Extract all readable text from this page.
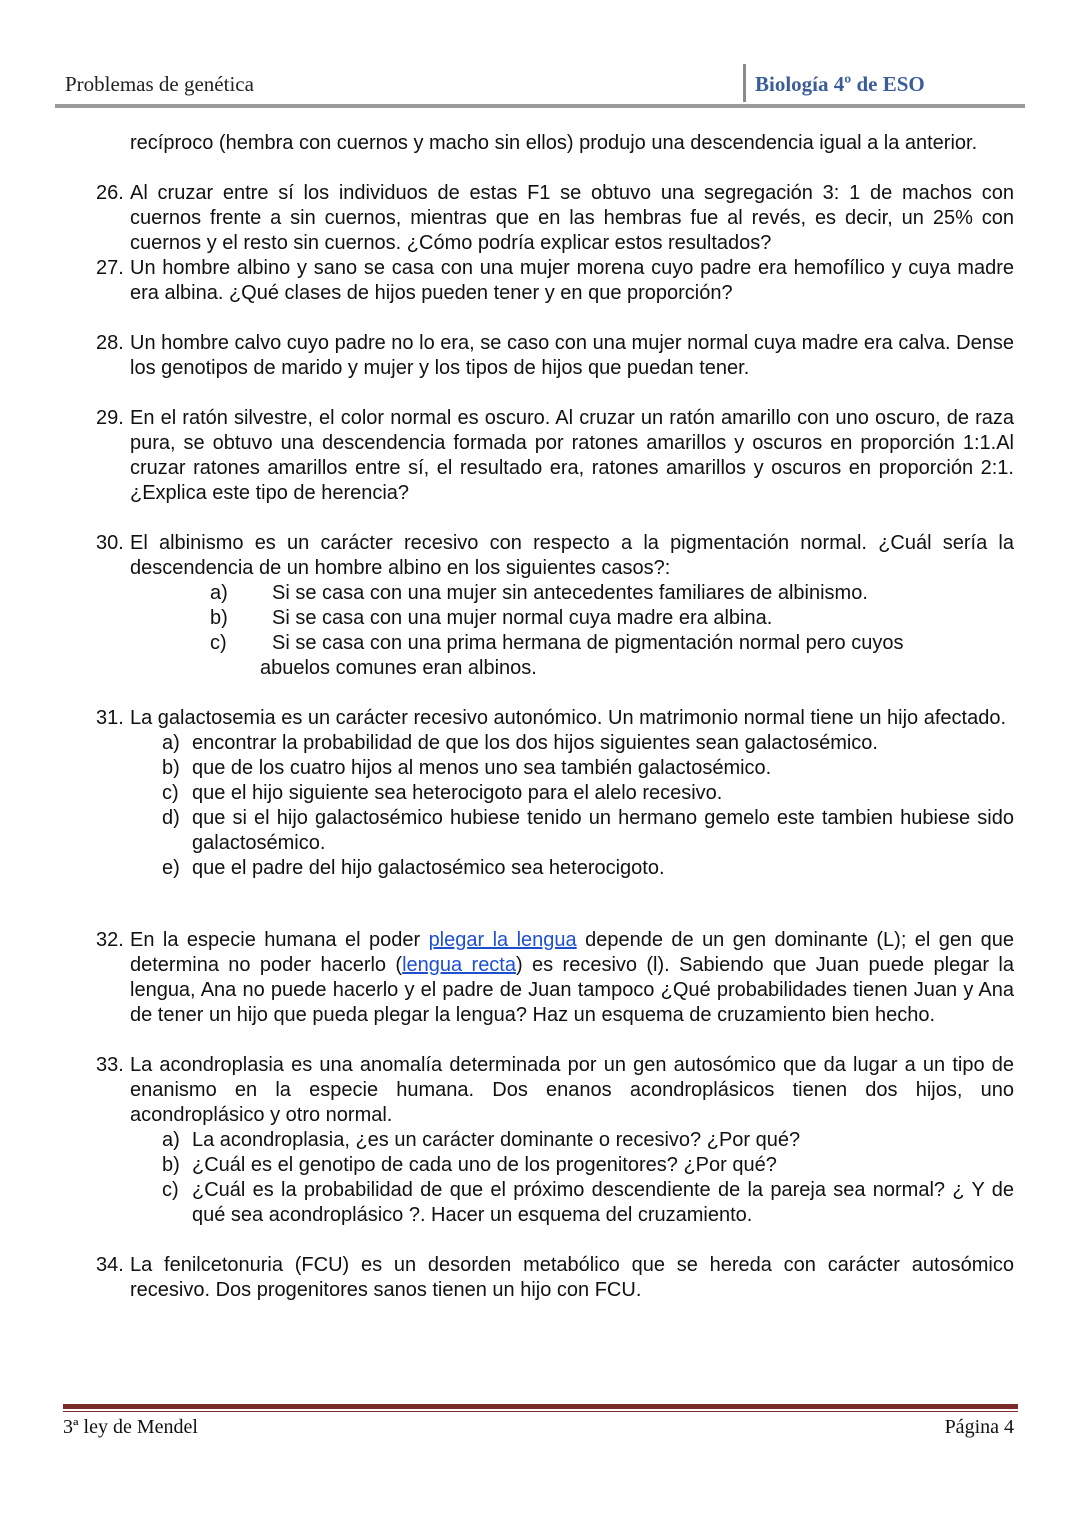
Problemas de genética	Biología 4º de ESO
recíproco (hembra con cuernos y macho sin ellos) produjo una descendencia igual a la anterior.
26. Al cruzar entre sí los individuos de estas F1 se obtuvo una segregación 3: 1 de machos con cuernos frente a sin cuernos, mientras que en las hembras fue al revés, es decir, un 25% con cuernos y el resto sin cuernos. ¿Cómo podría explicar estos resultados?
27. Un hombre albino y sano se casa con una mujer morena cuyo padre era hemofílico y cuya madre era albina. ¿Qué clases de hijos pueden tener y en que proporción?
28. Un hombre calvo cuyo padre no lo era, se caso con una mujer normal cuya madre era calva. Dense los genotipos de marido y mujer y los tipos de hijos que puedan tener.
29. En el ratón silvestre, el color normal es oscuro. Al cruzar un ratón amarillo con uno oscuro, de raza pura, se obtuvo una descendencia formada por ratones amarillos y oscuros en proporción 1:1.Al cruzar ratones amarillos entre sí, el resultado era, ratones amarillos y oscuros en proporción 2:1. ¿Explica este tipo de herencia?
30. El albinismo es un carácter recesivo con respecto a la pigmentación normal. ¿Cuál sería la descendencia de un hombre albino en los siguientes casos?:
a)	Si se casa con una mujer sin antecedentes familiares de albinismo.
b)	Si se casa con una mujer normal cuya madre era albina.
c)	Si se casa con una prima hermana de pigmentación normal pero cuyos
abuelos comunes eran albinos.
31. La galactosemia es un carácter recesivo autonómico. Un matrimonio normal tiene un hijo afectado.
a) encontrar la probabilidad de que los dos hijos siguientes sean galactosémico.
b) que de los cuatro hijos al menos uno sea también galactosémico.
c) que el hijo siguiente sea heterocigoto para el alelo recesivo.
d) que si el hijo galactosémico hubiese tenido un hermano gemelo este tambien hubiese sido galactosémico.
e) que el padre del hijo galactosémico sea heterocigoto.
32. En la especie humana el poder plegar la lengua depende de un gen dominante (L); el gen que determina no poder hacerlo (lengua recta) es recesivo (l). Sabiendo que Juan puede plegar la lengua, Ana no puede hacerlo y el padre de Juan tampoco ¿Qué probabilidades tienen Juan y Ana de tener un hijo que pueda plegar la lengua? Haz un esquema de cruzamiento bien hecho.
33. La acondroplasia es una anomalía determinada por un gen autosómico que da lugar a un tipo de enanismo en la especie humana. Dos enanos acondroplásicos tienen dos hijos, uno acondroplásico y otro normal.
a) La acondroplasia, ¿es un carácter dominante o recesivo? ¿Por qué?
b) ¿Cuál es el genotipo de cada uno de los progenitores? ¿Por qué?
c) ¿Cuál es la probabilidad de que el próximo descendiente de la pareja sea normal? ¿ Y de qué sea acondroplásico ?. Hacer un esquema del cruzamiento.
34. La fenilcetonuria (FCU) es un desorden metabólico que se hereda con carácter autosómico recesivo. Dos progenitores sanos tienen un hijo con FCU.
3ª ley de Mendel	Página 4
